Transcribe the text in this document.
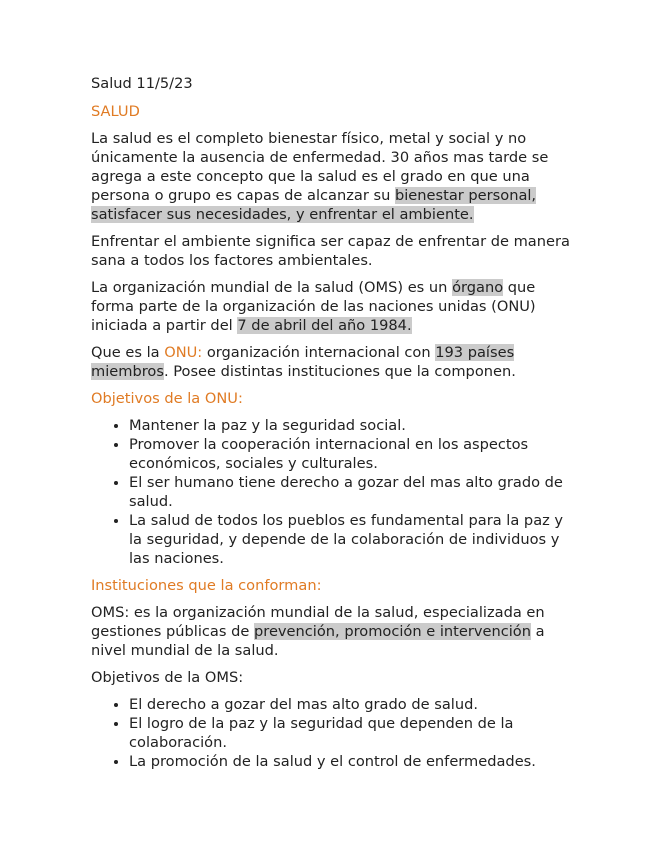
Salud 11/5/23

SALUD

La salud es el completo bienestar físico, metal y social y no únicamente la ausencia de enfermedad. 30 años mas tarde se agrega a este concepto que la salud es el grado en que una persona o grupo es capas de alcanzar su bienestar personal, satisfacer sus necesidades, y enfrentar el ambiente.

Enfrentar el ambiente significa ser capaz de enfrentar de manera sana a todos los factores ambientales.

La organización mundial de la salud (OMS) es un órgano que forma parte de la organización de las naciones unidas (ONU) iniciada a partir del 7 de abril del año 1984.

Que es la ONU: organización internacional con 193 países miembros. Posee distintas instituciones que la componen.

Objetivos de la ONU:

• Mantener la paz y la seguridad social.
• Promover la cooperación internacional en los aspectos económicos, sociales y culturales.
• El ser humano tiene derecho a gozar del mas alto grado de salud.
• La salud de todos los pueblos es fundamental para la paz y la seguridad, y depende de la colaboración de individuos y las naciones.

Instituciones que la conforman:

OMS: es la organización mundial de la salud, especializada en gestiones públicas de prevención, promoción e intervención a nivel mundial de la salud.

Objetivos de la OMS:

• El derecho a gozar del mas alto grado de salud.
• El logro de la paz y la seguridad que dependen de la colaboración.
• La promoción de la salud y el control de enfermedades.
